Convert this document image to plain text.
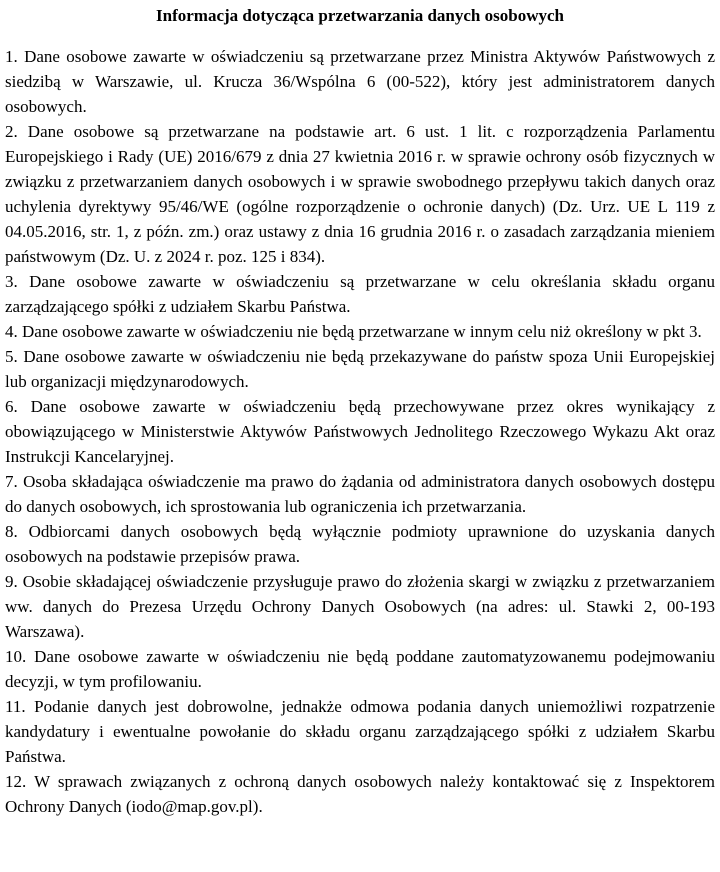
Informacja dotycząca przetwarzania danych osobowych
1. Dane osobowe zawarte w oświadczeniu są przetwarzane przez Ministra Aktywów Państwowych z siedzibą w Warszawie, ul. Krucza 36/Wspólna 6 (00-522), który jest administratorem danych osobowych.
2. Dane osobowe są przetwarzane na podstawie art. 6 ust. 1 lit. c rozporządzenia Parlamentu Europejskiego i Rady (UE) 2016/679 z dnia 27 kwietnia 2016 r. w sprawie ochrony osób fizycznych w związku z przetwarzaniem danych osobowych i w sprawie swobodnego przepływu takich danych oraz uchylenia dyrektywy 95/46/WE (ogólne rozporządzenie o ochronie danych) (Dz. Urz. UE L 119 z 04.05.2016, str. 1, z późn. zm.) oraz ustawy z dnia 16 grudnia 2016 r. o zasadach zarządzania mieniem państwowym (Dz. U. z 2024 r. poz. 125 i 834).
3. Dane osobowe zawarte w oświadczeniu są przetwarzane w celu określania składu organu zarządzającego spółki z udziałem Skarbu Państwa.
4. Dane osobowe zawarte w oświadczeniu nie będą przetwarzane w innym celu niż określony w pkt 3.
5. Dane osobowe zawarte w oświadczeniu nie będą przekazywane do państw spoza Unii Europejskiej lub organizacji międzynarodowych.
6. Dane osobowe zawarte w oświadczeniu będą przechowywane przez okres wynikający z obowiązującego w Ministerstwie Aktywów Państwowych Jednolitego Rzeczowego Wykazu Akt oraz Instrukcji Kancelaryjnej.
7. Osoba składająca oświadczenie ma prawo do żądania od administratora danych osobowych dostępu do danych osobowych, ich sprostowania lub ograniczenia ich przetwarzania.
8. Odbiorcami danych osobowych będą wyłącznie podmioty uprawnione do uzyskania danych osobowych na podstawie przepisów prawa.
9. Osobie składającej oświadczenie przysługuje prawo do złożenia skargi w związku z przetwarzaniem ww. danych do Prezesa Urzędu Ochrony Danych Osobowych (na adres: ul. Stawki 2, 00-193 Warszawa).
10. Dane osobowe zawarte w oświadczeniu nie będą poddane zautomatyzowanemu podejmowaniu decyzji, w tym profilowaniu.
11. Podanie danych jest dobrowolne, jednakże odmowa podania danych uniemożliwi rozpatrzenie kandydatury i ewentualne powołanie do składu organu zarządzającego spółki z udziałem Skarbu Państwa.
12. W sprawach związanych z ochroną danych osobowych należy kontaktować się z Inspektorem Ochrony Danych (iodo@map.gov.pl).
